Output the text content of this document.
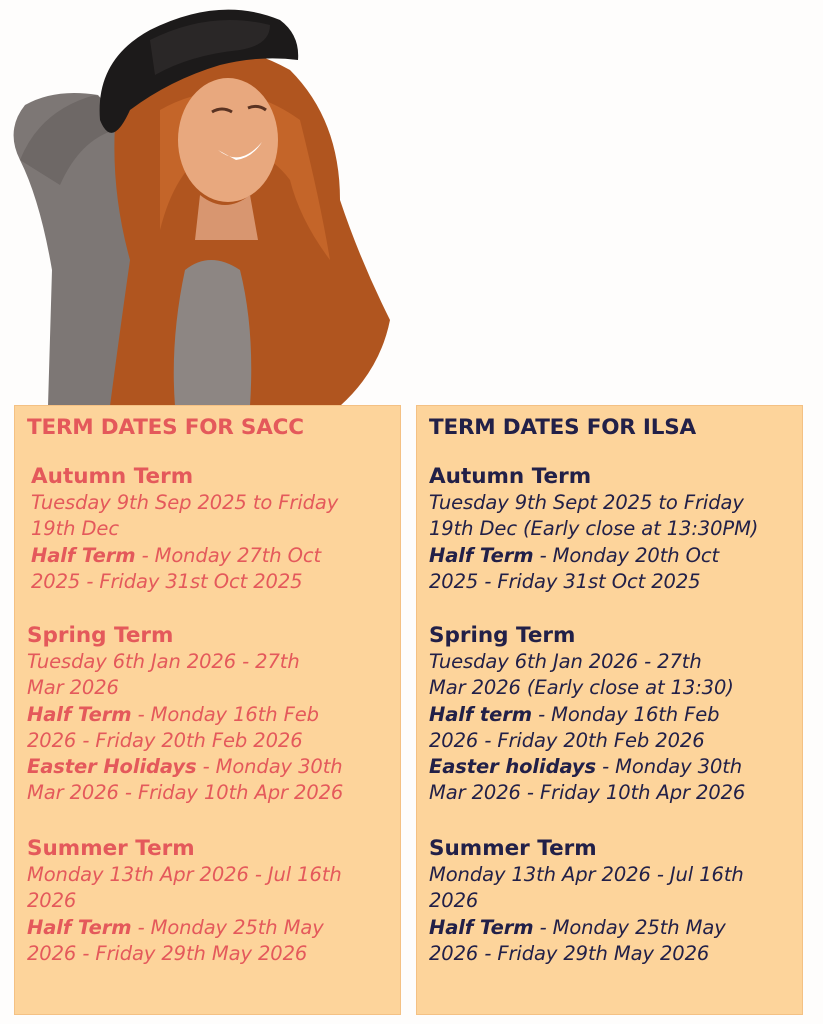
TERM DATES FOR SACC
Autumn Term
Tuesday 9th Sep 2025 to Friday
19th Dec
Half Term - Monday 27th Oct
2025 - Friday 31st Oct 2025
Spring Term
Tuesday 6th Jan 2026 - 27th
Mar 2026
Half Term - Monday 16th Feb
2026 - Friday 20th Feb 2026
Easter Holidays - Monday 30th
Mar 2026 - Friday 10th Apr 2026
Summer Term
Monday 13th Apr 2026 - Jul 16th
2026
Half Term - Monday 25th May
2026 - Friday 29th May 2026
TERM DATES FOR ILSA
Autumn Term
Tuesday 9th Sept 2025 to Friday
19th Dec (Early close at 13:30PM)
Half Term - Monday 20th Oct
2025 - Friday 31st Oct 2025
Spring Term
Tuesday 6th Jan 2026 - 27th
Mar 2026 (Early close at 13:30)
Half term - Monday 16th Feb
2026 - Friday 20th Feb 2026
Easter holidays - Monday 30th
Mar 2026 - Friday 10th Apr 2026
Summer Term
Monday 13th Apr 2026 - Jul 16th
2026
Half Term - Monday 25th May
2026 - Friday 29th May 2026
